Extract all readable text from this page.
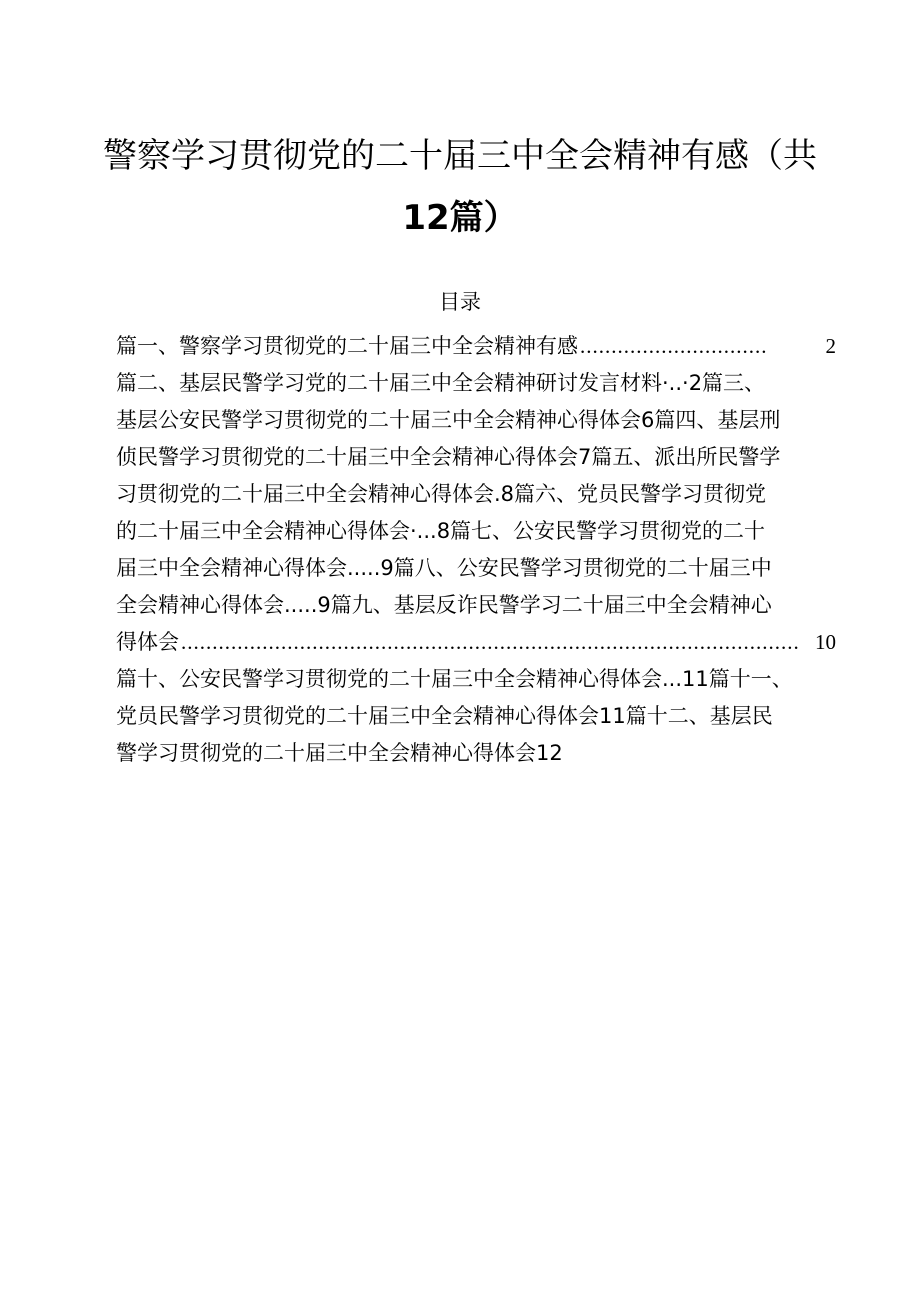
警察学习贯彻党的二十届三中全会精神有感（共
12篇）
目录
篇一、警察学习贯彻党的二十届三中全会精神有感 ..............................	2
篇二、基层民警学习党的二十届三中全会精神研讨发言材料·..·2篇三、
基层公安民警学习贯彻党的二十届三中全会精神心得体会6篇四、基层刑
侦民警学习贯彻党的二十届三中全会精神心得体会7篇五、派出所民警学
习贯彻党的二十届三中全会精神心得体会.8篇六、党员民警学习贯彻党
的二十届三中全会精神心得体会·...8篇七、公安民警学习贯彻党的二十
届三中全会精神心得体会.....9篇八、公安民警学习贯彻党的二十届三中
全会精神心得体会.....9篇九、基层反诈民警学习二十届三中全会精神心
得体会 ................................................................................................... 10
篇十、公安民警学习贯彻党的二十届三中全会精神心得体会...11篇十一、
党员民警学习贯彻党的二十届三中全会精神心得体会11篇十二、基层民
警学习贯彻党的二十届三中全会精神心得体会12
